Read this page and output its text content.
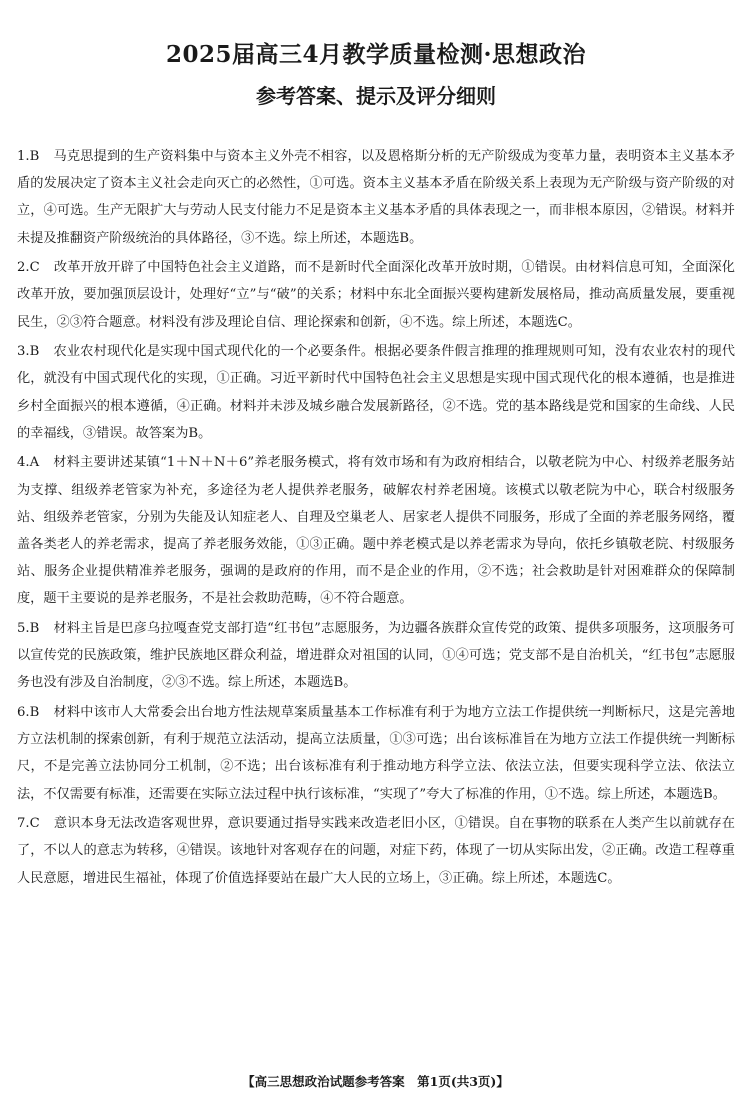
2025届高三4月教学质量检测·思想政治
参考答案、提示及评分细则

1.B 马克思提到的生产资料集中与资本主义外壳不相容，以及恩格斯分析的无产阶级成为变革力量，表明资本主义基本矛盾的发展决定了资本主义社会走向灭亡的必然性，①可选。资本主义基本矛盾在阶级关系上表现为无产阶级与资产阶级的对立，④可选。生产无限扩大与劳动人民支付能力不足是资本主义基本矛盾的具体表现之一，而非根本原因，②错误。材料并未提及推翻资产阶级统治的具体路径，③不选。综上所述，本题选B。

2.C 改革开放开辟了中国特色社会主义道路，而不是新时代全面深化改革开放时期，①错误。由材料信息可知，全面深化改革开放，要加强顶层设计，处理好“立”与“破”的关系；材料中东北全面振兴要构建新发展格局，推动高质量发展，要重视民生，②③符合题意。材料没有涉及理论自信、理论探索和创新，④不选。综上所述，本题选C。

3.B 农业农村现代化是实现中国式现代化的一个必要条件。根据必要条件假言推理的推理规则可知，没有农业农村的现代化，就没有中国式现代化的实现，①正确。习近平新时代中国特色社会主义思想是实现中国式现代化的根本遵循，也是推进乡村全面振兴的根本遵循，④正确。材料并未涉及城乡融合发展新路径，②不选。党的基本路线是党和国家的生命线、人民的幸福线，③错误。故答案为B。

4.A 材料主要讲述某镇“1＋N＋N＋6”养老服务模式，将有效市场和有为政府相结合，以敬老院为中心、村级养老服务站为支撑、组级养老管家为补充，多途径为老人提供养老服务，破解农村养老困境。该模式以敬老院为中心，联合村级服务站、组级养老管家，分别为失能及认知症老人、自理及空巢老人、居家老人提供不同服务，形成了全面的养老服务网络，覆盖各类老人的养老需求，提高了养老服务效能，①③正确。题中养老模式是以养老需求为导向，依托乡镇敬老院、村级服务站、服务企业提供精准养老服务，强调的是政府的作用，而不是企业的作用，②不选；社会救助是针对困难群众的保障制度，题干主要说的是养老服务，不是社会救助范畴，④不符合题意。

5.B 材料主旨是巴彦乌拉嘎查党支部打造“红书包”志愿服务，为边疆各族群众宣传党的政策、提供多项服务，这项服务可以宣传党的民族政策，维护民族地区群众利益，增进群众对祖国的认同，①④可选；党支部不是自治机关，“红书包”志愿服务也没有涉及自治制度，②③不选。综上所述，本题选B。

6.B 材料中该市人大常委会出台地方性法规草案质量基本工作标准有利于为地方立法工作提供统一判断标尺，这是完善地方立法机制的探索创新，有利于规范立法活动，提高立法质量，①③可选；出台该标准旨在为地方立法工作提供统一判断标尺，不是完善立法协同分工机制，②不选；出台该标准有利于推动地方科学立法、依法立法，但要实现科学立法、依法立法，不仅需要有标准，还需要在实际立法过程中执行该标准，“实现了”夸大了标准的作用，①不选。综上所述，本题选B。

7.C 意识本身无法改造客观世界，意识要通过指导实践来改造老旧小区，①错误。自在事物的联系在人类产生以前就存在了，不以人的意志为转移，④错误。该地针对客观存在的问题，对症下药，体现了一切从实际出发，②正确。改造工程尊重人民意愿，增进民生福祉，体现了价值选择要站在最广大人民的立场上，③正确。综上所述，本题选C。

【高三思想政治试题参考答案　第1页(共3页)】
